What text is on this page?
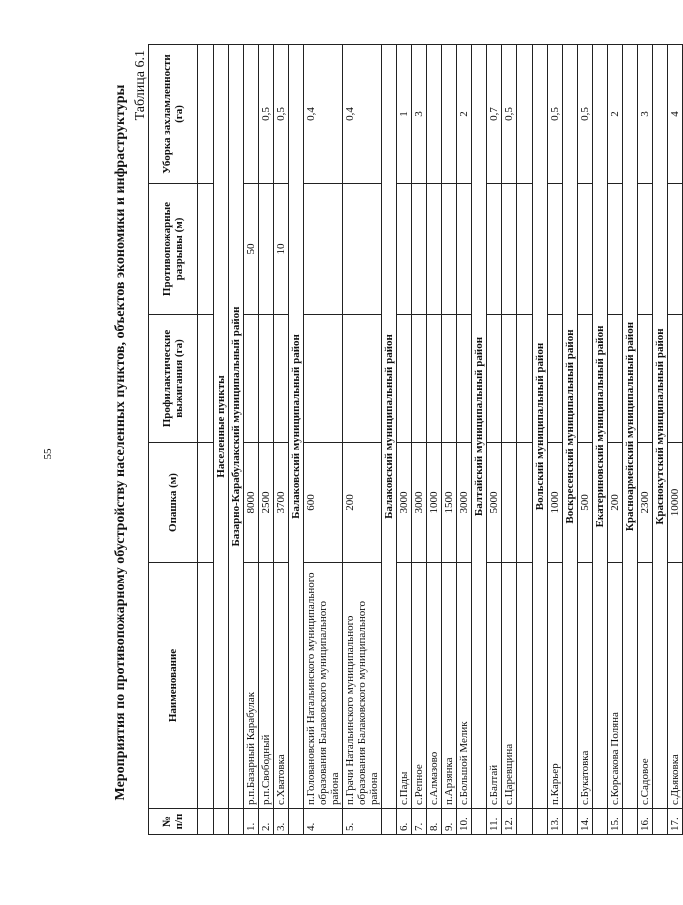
55	Мероприятия по противопожарному обустройству населенных пунктов, объектов экономики и инфраструктуры Таблица 6.1
№ п/п	Наименование	Опашка (м)	Профилактические выжигания (га)	Противопожарные разрывы (м)	Уборка захламленности (га)

	Населенные пункты				
	Базарно-Карабулакский муниципальный район				
1.	р.п.Базарный Карабулак	8000		50	
2.	р.п.Свободный	2500			0,5
3.	с.Хватовка	3700		10	0,5
	Балаковский муниципальный район				
4.	п.Головановский Натальинского муниципального образования Балаковского муниципального района	600			0,4
5.	п.Грачи Натальинского муниципального образования Балаковского муниципального района	200			0,4
	Балаковский муниципальный район				
6.	с.Пады	3000			1
7.	с.Репное	3000			3
8.	с.Алмазово	1000			
9.	п.Арзянка	1500			
10.	с.Большой Мелик	3000			2
	Балтайский муниципальный район				
11.	с.Балтай	5000			0,7
12.	с.Царевщина				0,5

	Вольский муниципальный район				
13.	п.Карьер	1000			0,5
	Воскресенский муниципальный район				
14.	с.Букатовка	500			0,5
	Екатериновский муниципальный район				
15.	с.Корсакова Поляна	200			2
	Красноармейский муниципальный район				
16.	с.Садовое	2300			3
	Краснокутский муниципальный район				
17.	с.Дьяковка	10000			4
